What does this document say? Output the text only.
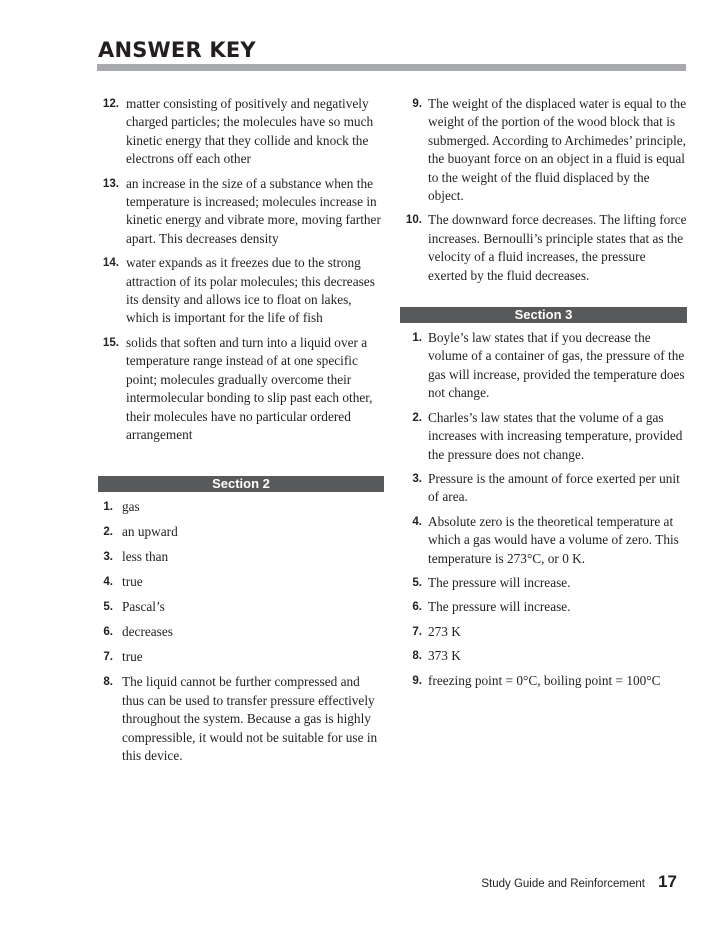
ANSWER KEY
12. matter consisting of positively and negatively charged particles; the molecules have so much kinetic energy that they collide and knock the electrons off each other
13. an increase in the size of a substance when the temperature is increased; molecules increase in kinetic energy and vibrate more, moving farther apart. This decreases density
14. water expands as it freezes due to the strong attraction of its polar molecules; this decreases its density and allows ice to float on lakes, which is important for the life of fish
15. solids that soften and turn into a liquid over a temperature range instead of at one specific point; molecules gradually overcome their intermolecular bonding to slip past each other, their molecules have no particular ordered arrangement
Section 2
1. gas
2. an upward
3. less than
4. true
5. Pascal’s
6. decreases
7. true
8. The liquid cannot be further compressed and thus can be used to transfer pressure effectively throughout the system. Because a gas is highly compressible, it would not be suitable for use in this device.
9. The weight of the displaced water is equal to the weight of the portion of the wood block that is submerged. According to Archimedes’ principle, the buoyant force on an object in a fluid is equal to the weight of the fluid displaced by the object.
10. The downward force decreases. The lifting force increases. Bernoulli’s principle states that as the velocity of a fluid increases, the pressure exerted by the fluid decreases.
Section 3
1. Boyle’s law states that if you decrease the volume of a container of gas, the pressure of the gas will increase, provided the temperature does not change.
2. Charles’s law states that the volume of a gas increases with increasing temperature, provided the pressure does not change.
3. Pressure is the amount of force exerted per unit of area.
4. Absolute zero is the theoretical temperature at which a gas would have a volume of zero. This temperature is 273°C, or 0 K.
5. The pressure will increase.
6. The pressure will increase.
7. 273 K
8. 373 K
9. freezing point = 0°C, boiling point = 100°C
Study Guide and Reinforcement 17
